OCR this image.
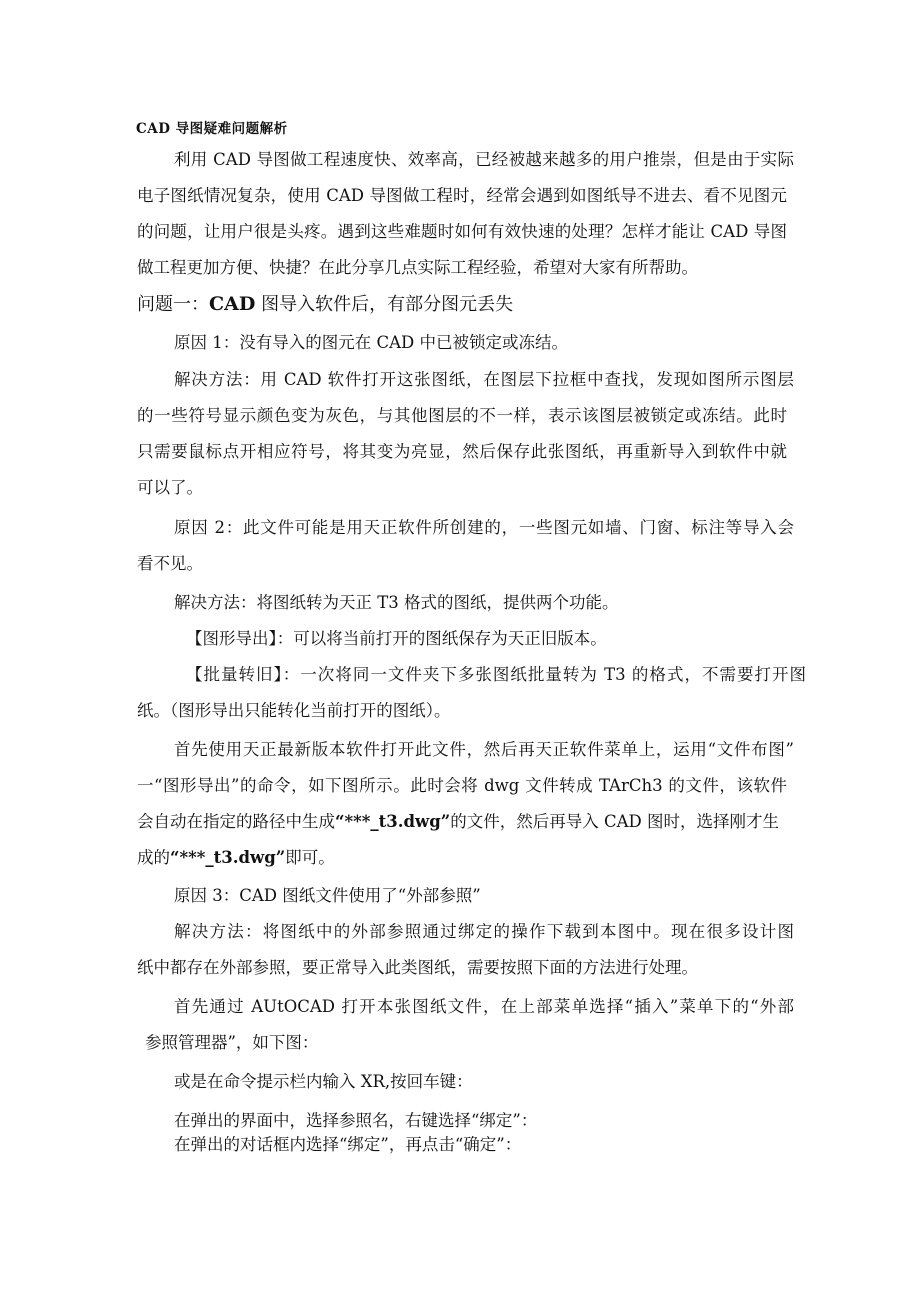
CAD 导图疑难问题解析
利用 CAD 导图做工程速度快、效率高，已经被越来越多的用户推崇，但是由于实际
电子图纸情况复杂，使用 CAD 导图做工程时，经常会遇到如图纸导不进去、看不见图元
的问题，让用户很是头疼。遇到这些难题时如何有效快速的处理？怎样才能让 CAD 导图
做工程更加方便、快捷？在此分享几点实际工程经验，希望对大家有所帮助。
问题一：CAD 图导入软件后，有部分图元丢失
原因 1：没有导入的图元在 CAD 中已被锁定或冻结。
解决方法：用 CAD 软件打开这张图纸，在图层下拉框中查找，发现如图所示图层
的一些符号显示颜色变为灰色，与其他图层的不一样，表示该图层被锁定或冻结。此时
只需要鼠标点开相应符号，将其变为亮显，然后保存此张图纸，再重新导入到软件中就
可以了。
原因 2：此文件可能是用天正软件所创建的，一些图元如墙、门窗、标注等导入会
看不见。
解决方法：将图纸转为天正 T3 格式的图纸，提供两个功能。
【图形导出】：可以将当前打开的图纸保存为天正旧版本。
【批量转旧】：一次将同一文件夹下多张图纸批量转为 T3 的格式，不需要打开图
纸。（图形导出只能转化当前打开的图纸）。
首先使用天正最新版本软件打开此文件，然后再天正软件菜单上，运用“文件布图”
一“图形导出”的命令，如下图所示。此时会将 dwg 文件转成 TArCh3 的文件，该软件
会自动在指定的路径中生成“***_t3.dwg”的文件，然后再导入 CAD 图时，选择刚才生
成的“***_t3.dwg”即可。
原因 3：CAD 图纸文件使用了“外部参照”
解决方法：将图纸中的外部参照通过绑定的操作下载到本图中。现在很多设计图
纸中都存在外部参照，要正常导入此类图纸，需要按照下面的方法进行处理。
首先通过 AUtOCAD 打开本张图纸文件，在上部菜单选择“插入”菜单下的“外部
参照管理器”，如下图：
或是在命令提示栏内输入 XR,按回车键：
在弹出的界面中，选择参照名，右键选择“绑定”：
在弹出的对话框内选择“绑定”，再点击“确定”：
